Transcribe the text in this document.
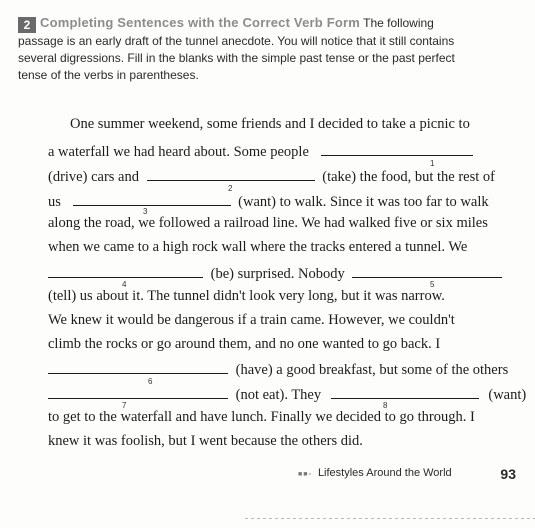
2 Completing Sentences with the Correct Verb Form The following
passage is an early draft of the tunnel anecdote. You will notice that it still contains
several digressions. Fill in the blanks with the simple past tense or the past perfect
tense of the verbs in parentheses.
One summer weekend, some friends and I decided to take a picnic to
a waterfall we had heard about. Some people
1
(drive) cars and	(take) the food, but the rest of
2
us	(want) to walk. Since it was too far to walk
3
along the road, we followed a railroad line. We had walked five or six miles
when we came to a high rock wall where the tracks entered a tunnel. We
(be) surprised. Nobody
4	5
(tell) us about it. The tunnel didn't look very long, but it was narrow.
We knew it would be dangerous if a train came. However, we couldn't
climb the rocks or go around them, and no one wanted to go back. I
(have) a good breakfast, but some of the others
6
(not eat). They	(want)
7	8
to get to the waterfall and have lunch. Finally we decided to go through. I
knew it was foolish, but I went because the others did.
■■▫ Lifestyles Around the World	93
